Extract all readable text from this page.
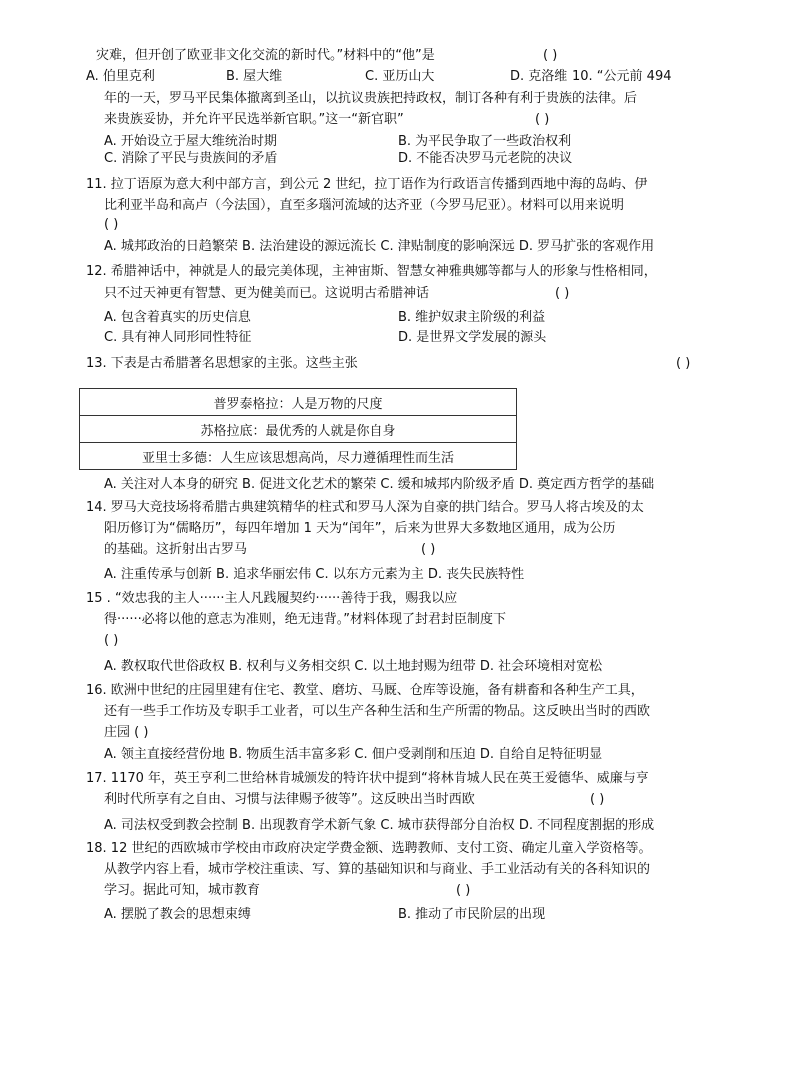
灾难，但开创了欧亚非文化交流的新时代。”材料中的“他”是	( )
A. 伯里克利	B. 屋大维	C. 亚历山大	D. 克洛维 10. “公元前 494
年的一天，罗马平民集体撤离到圣山，以抗议贵族把持政权，制订各种有利于贵族的法律。后
来贵族妥协，并允许平民选举新官职。”这一“新官职”	( )
A. 开始设立于屋大维统治时期	B. 为平民争取了一些政治权利
C. 消除了平民与贵族间的矛盾	D. 不能否决罗马元老院的决议
11. 拉丁语原为意大利中部方言，到公元 2 世纪，拉丁语作为行政语言传播到西地中海的岛屿、伊
比利亚半岛和高卢（今法国），直至多瑙河流域的达齐亚（今罗马尼亚）。材料可以用来说明
( )
A. 城邦政治的日趋繁荣 B. 法治建设的源远流长 C. 津贴制度的影响深远 D. 罗马扩张的客观作用
12. 希腊神话中，神就是人的最完美体现，主神宙斯、智慧女神雅典娜等都与人的形象与性格相同，
只不过天神更有智慧、更为健美而已。这说明古希腊神话	( )
A. 包含着真实的历史信息	B. 维护奴隶主阶级的利益
C. 具有神人同形同性特征	D. 是世界文学发展的源头
13. 下表是古希腊著名思想家的主张。这些主张	( )
普罗泰格拉：人是万物的尺度
苏格拉底：最优秀的人就是你自身
亚里士多德：人生应该思想高尚，尽力遵循理性而生活
A. 关注对人本身的研究 B. 促进文化艺术的繁荣 C. 缓和城邦内阶级矛盾 D. 奠定西方哲学的基础
14. 罗马大竞技场将希腊古典建筑精华的柱式和罗马人深为自豪的拱门结合。罗马人将古埃及的太
阳历修订为“儒略历”，每四年增加 1 天为“闰年”，后来为世界大多数地区通用，成为公历
的基础。这折射出古罗马	( )
A. 注重传承与创新 B. 追求华丽宏伟 C. 以东方元素为主 D. 丧失民族特性
15 . “效忠我的主人······主人凡践履契约······善待于我，赐我以应
得······必将以他的意志为准则，绝无违背。”材料体现了封君封臣制度下
( )
A. 教权取代世俗政权 B. 权利与义务相交织 C. 以土地封赐为纽带 D. 社会环境相对宽松
16. 欧洲中世纪的庄园里建有住宅、教堂、磨坊、马厩、仓库等设施，备有耕畜和各种生产工具，
还有一些手工作坊及专职手工业者，可以生产各种生活和生产所需的物品。这反映出当时的西欧
庄园 ( )
A. 领主直接经营份地 B. 物质生活丰富多彩 C. 佃户受剥削和压迫 D. 自给自足特征明显
17. 1170 年，英王亨利二世给林肯城颁发的特许状中提到“将林肯城人民在英王爱德华、威廉与亨
利时代所享有之自由、习惯与法律赐予彼等”。这反映出当时西欧	( )
A. 司法权受到教会控制 B. 出现教育学术新气象 C. 城市获得部分自治权 D. 不同程度割据的形成
18. 12 世纪的西欧城市学校由市政府决定学费金额、选聘教师、支付工资、确定儿童入学资格等。
从教学内容上看，城市学校注重读、写、算的基础知识和与商业、手工业活动有关的各科知识的
学习。据此可知，城市教育	( )
A. 摆脱了教会的思想束缚	B. 推动了市民阶层的出现
